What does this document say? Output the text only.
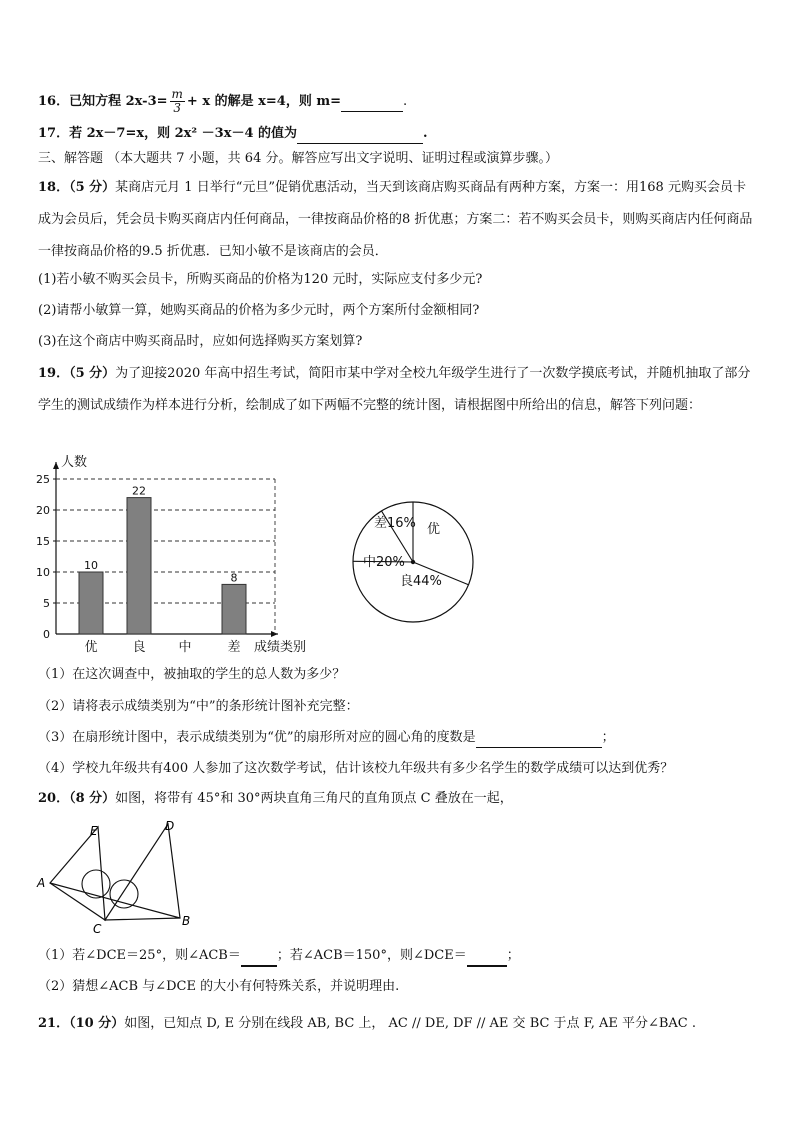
16．已知方程 $2x-3= \frac{m}{3} + x$ 的解是 x=4，则 m=	.
17．若 2x－7=x，则 2x² －3x－4 的值为	.
三、解答题 （本大题共 7 小题，共 64 分。解答应写出文字说明、证明过程或演算步骤。）
18．（5 分）某商店元月 1 日举行“元旦”促销优惠活动，当天到该商店购买商品有两种方案，方案一：用168 元购买会员卡成为会员后，凭会员卡购买商店内任何商品，一律按商品价格的8 折优惠；方案二：若不购买会员卡，则购买商店内任何商品一律按商品价格的9.5 折优惠．已知小敏不是该商店的会员．
(1)若小敏不购买会员卡，所购买商品的价格为120 元时，实际应支付多少元?
(2)请帮小敏算一算，她购买商品的价格为多少元时，两个方案所付金额相同?
(3)在这个商店中购买商品时，应如何选择购买方案划算?
19．（5 分）为了迎接2020 年高中招生考试，简阳市某中学对全校九年级学生进行了一次数学摸底考试，并随机抽取了部分学生的测试成绩作为样本进行分析，绘制成了如下两幅不完整的统计图，请根据图中所给出的信息，解答下列问题：
人数
0
5
10
15
20
25
优
10
良
22
中	差
8
成绩类别
差16% 优
良44%
中20%
（1）在这次调查中，被抽取的学生的总人数为多少？
（2）请将表示成绩类别为“中”的条形统计图补充完整：
（3）在扇形统计图中，表示成绩类别为“优”的扇形所对应的圆心角的度数是	；
（4）学校九年级共有400 人参加了这次数学考试，估计该校九年级共有多少名学生的数学成绩可以达到优秀？
20．（8 分）如图，将带有 45°和 30°两块直角三角尺的直角顶点 C 叠放在一起，
E	D
A
C
B
（1）若∠DCE＝25°，则∠ACB＝	；若∠ACB＝150°，则∠DCE＝	；
（2）猜想∠ACB 与∠DCE 的大小有何特殊关系，并说明理由.
21．（10 分）如图，已知点 D, E 分别在线段 AB, BC 上， AC // DE, DF // AE 交 BC 于点 F, AE 平分∠BAC .
